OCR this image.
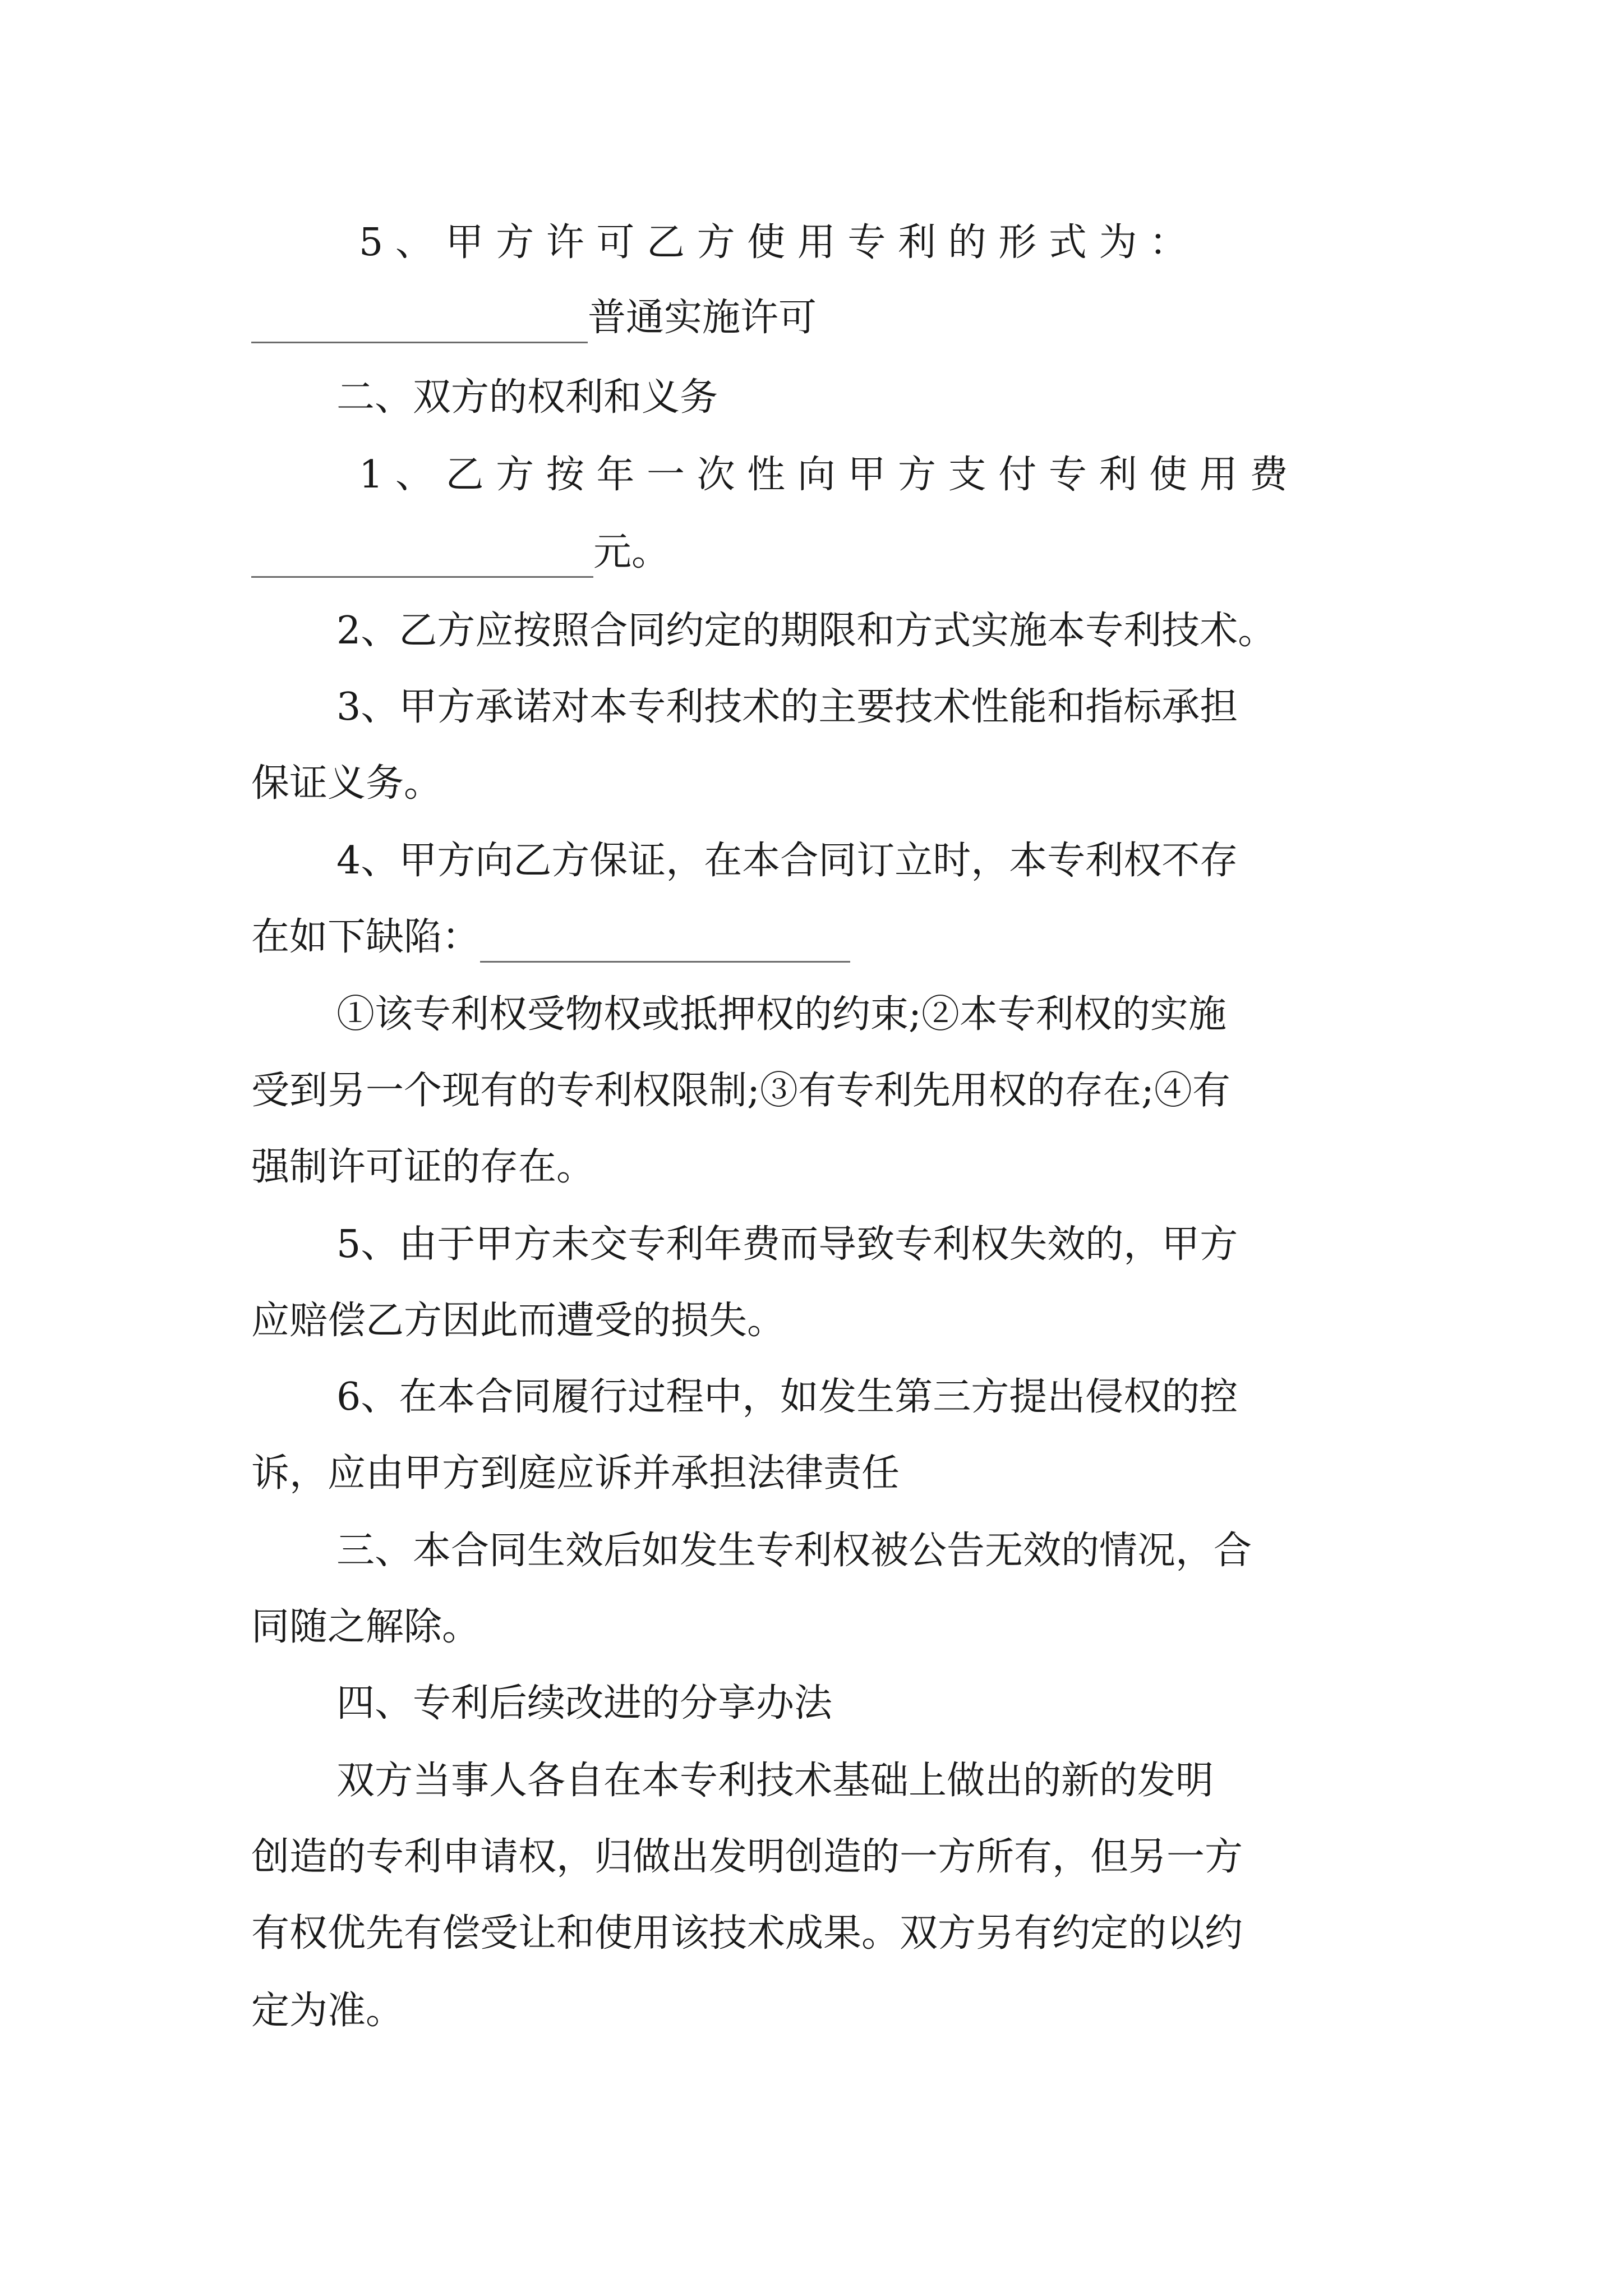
5 、 甲 方 许 可 乙 方 使 用 专 利 的 形 式 为 ：
普通实施许可
二、双方的权利和义务
1 、 乙 方 按 年 一 次 性 向 甲 方 支 付 专 利 使 用 费
元。
2、乙方应按照合同约定的期限和方式实施本专利技术。
3、甲方承诺对本专利技术的主要技术性能和指标承担
保证义务。
4、甲方向乙方保证，在本合同订立时，本专利权不存
在如下缺陷：
①该专利权受物权或抵押权的约束;②本专利权的实施
受到另一个现有的专利权限制;③有专利先用权的存在;④有
强制许可证的存在。
5、由于甲方未交专利年费而导致专利权失效的，甲方
应赔偿乙方因此而遭受的损失。
6、在本合同履行过程中，如发生第三方提出侵权的控
诉，应由甲方到庭应诉并承担法律责任
三、本合同生效后如发生专利权被公告无效的情况，合
同随之解除。
四、专利后续改进的分享办法
双方当事人各自在本专利技术基础上做出的新的发明
创造的专利申请权，归做出发明创造的一方所有，但另一方
有权优先有偿受让和使用该技术成果。双方另有约定的以约
定为准。
